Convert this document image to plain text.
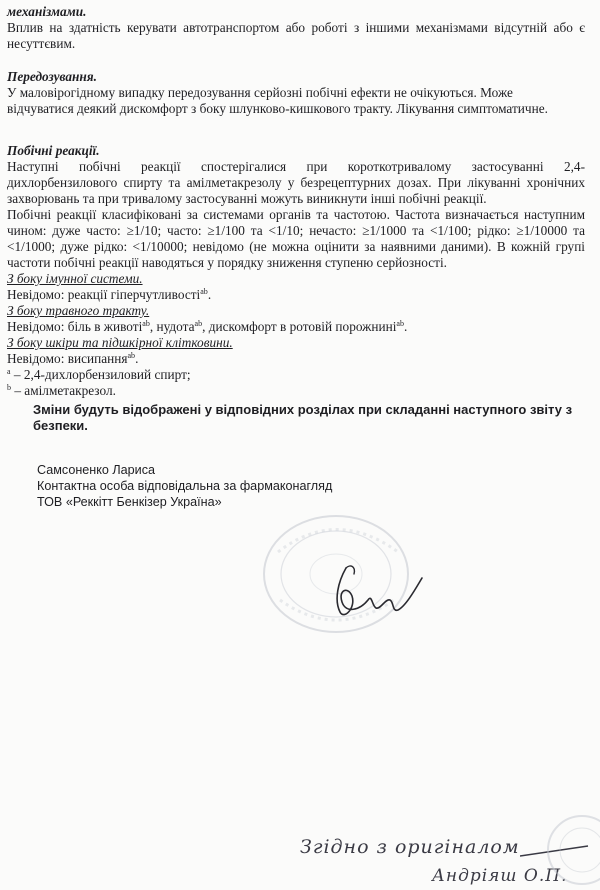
механізмами.
Вплив на здатність керувати автотранспортом або роботі з іншими механізмами відсутній або є
несуттєвим.
Передозування.
У маловірогідному випадку передозування серйозні побічні ефекти не очікуються. Може
відчуватися деякий дискомфорт з боку шлунково-кишкового тракту. Лікування симптоматичне.
Побічні реакції.
Наступні побічні реакції спостерігалися при короткотривалому застосуванні 2,4-
дихлорбензилового спирту та амілметакрезолу у безрецептурних дозах. При лікуванні хронічних
захворювань та при тривалому застосуванні можуть виникнути інші побічні реакції.
Побічні реакції класифіковані за системами органів та частотою. Частота визначається наступним
чином: дуже часто: ≥1/10; часто: ≥1/100 та <1/10; нечасто: ≥1/1000 та <1/100; рідко: ≥1/10000 та
<1/1000; дуже рідко: <1/10000; невідомо (не можна оцінити за наявними даними). В кожній групі
частоти побічні реакції наводяться у порядку зниження ступеню серйозності.
З боку імунної системи.
Невідомо: реакції гіперчутливості$^{ab}$.
З боку травного тракту.
Невідомо: біль в животі$^{ab}$, нудота$^{ab}$, дискомфорт в ротовій порожнині$^{ab}$.
З боку шкіри та підшкірної клітковини.
Невідомо: висипання$^{ab}$.
$^a$ – 2,4-дихлорбензиловий спирт;
$^b$ – амілметакрезол.
Зміни будуть відображені у відповідних розділах при складанні наступного звіту з безпеки.
Самсоненко Лариса
Контактна особа відповідальна за фармаконагляд
ТОВ «Реккітт Бенкізер Україна»
Згідно з оригіналом
Андріяш О.П.
